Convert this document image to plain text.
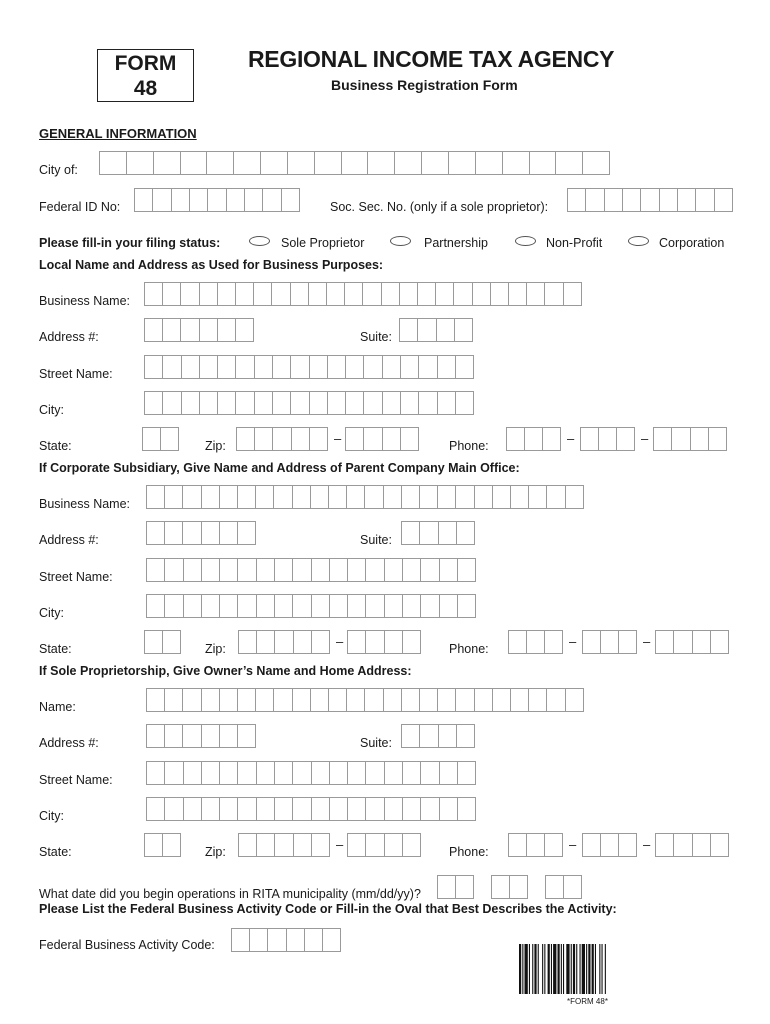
FORM
48
REGIONAL INCOME TAX AGENCY
Business Registration Form
GENERAL INFORMATION
City of:
Federal ID No:	Soc. Sec. No. (only if a sole proprietor):
Please fill-in your filing status:	Sole Proprietor	Partnership	Non-Profit	Corporation
Local Name and Address as Used for Business Purposes:
Business Name:
Address #:	Suite:
Street Name:
City:
State:	Zip:	–	Phone:	–	–
If Corporate Subsidiary, Give Name and Address of Parent Company Main Office:
Business Name:
Address #:	Suite:
Street Name:
City:
State:	Zip:	–	Phone:	–	–
If Sole Proprietorship, Give Owner’s Name and Home Address:
Name:
Address #:	Suite:
Street Name:
City:
State:	Zip:	–	Phone:	–	–
What date did you begin operations in RITA municipality (mm/dd/yy)?
Please List the Federal Business Activity Code or Fill-in the Oval that Best Describes the Activity:
Federal Business Activity Code:
*FORM 48*
